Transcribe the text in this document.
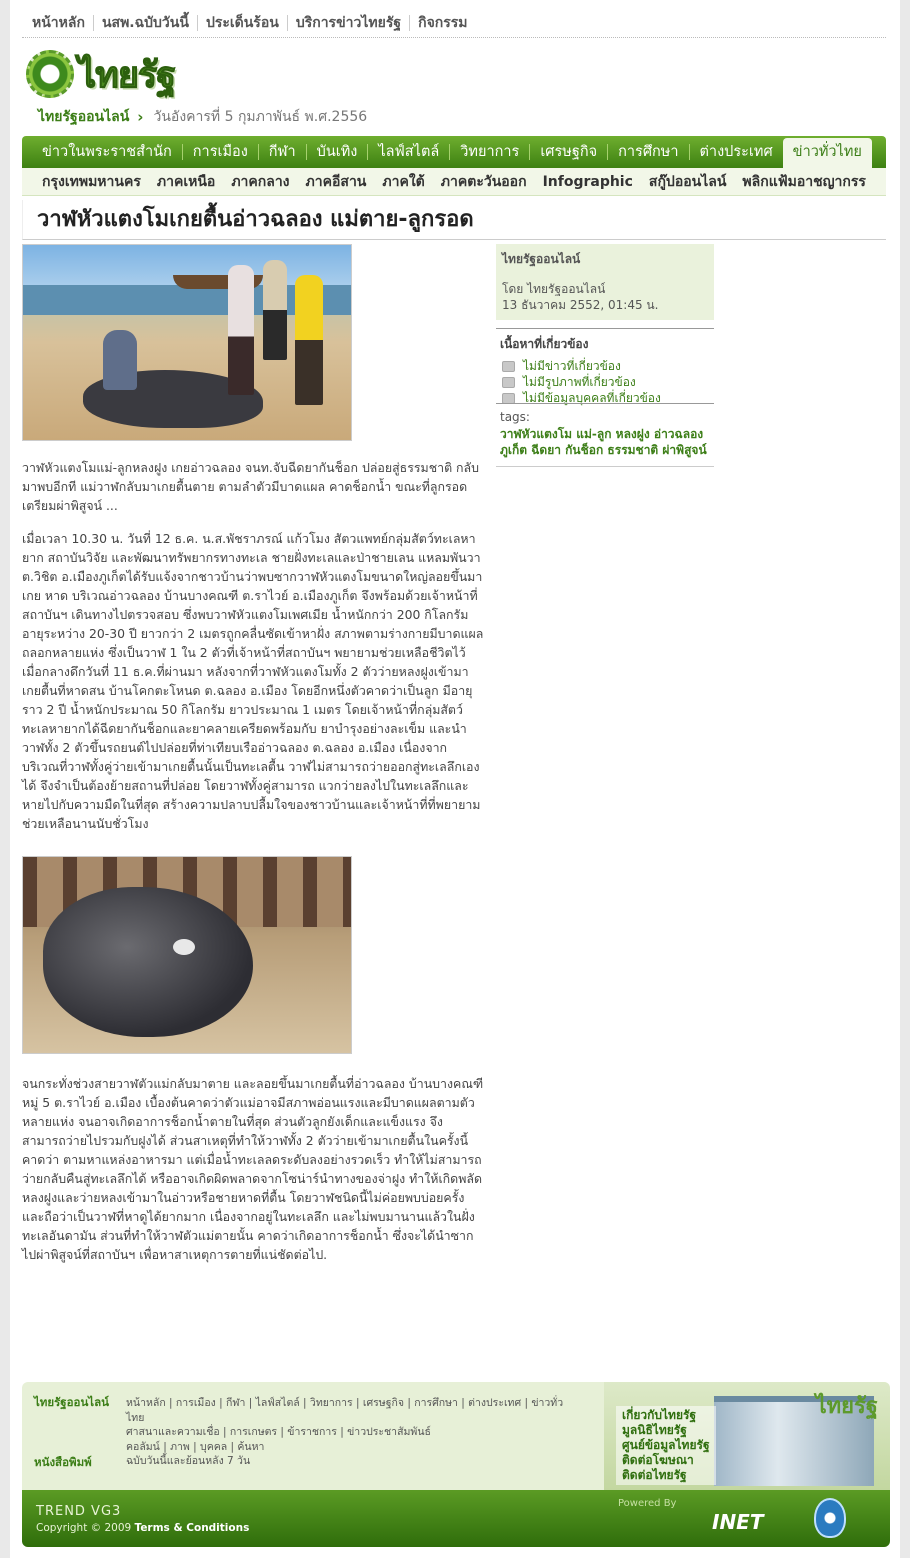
หน้าหลัก	นสพ.ฉบับวันนี้	ประเด็นร้อน	บริการข่าวไทยรัฐ	กิจกรรม
ไทยรัฐ
ไทยรัฐออนไลน์ › วันอังคารที่ 5 กุมภาพันธ์ พ.ศ.2556
ข่าวในพระราชสำนัก	การเมือง	กีฬา	บันเทิง	ไลฟ์สไตล์	วิทยาการ	เศรษฐกิจ	การศึกษา	ต่างประเทศ	ข่าวทั่วไทย
กรุงเทพมหานคร	ภาคเหนือ	ภาคกลาง	ภาคอีสาน	ภาคใต้	ภาคตะวันออก	Infographic	สกู๊ปออนไลน์	พลิกแฟ้มอาชญากรร
วาฬหัวแตงโมเกยตื้นอ่าวฉลอง แม่ตาย-ลูกรอด

วาฬหัวแตงโมแม่-ลูกหลงฝูง เกยอ่าวฉลอง จนท.จับฉีดยากันช็อก ปล่อยสู่ธรรมชาติ กลับมาพบอีกที แม่วาฬกลับมาเกยตื้นตาย ตามลำตัวมีบาดแผล คาดช็อกน้ำ ขณะที่ลูกรอดเตรียมผ่าพิสูจน์ ...

เมื่อเวลา 10.30 น. วันที่ 12 ธ.ค. น.ส.พัชราภรณ์ แก้วโมง สัตวแพทย์กลุ่มสัตว์ทะเลหายาก สถาบันวิจัย และพัฒนาทรัพยากรทางทะเล ชายฝั่งทะเลและป่าชายเลน แหลมพันวา ต.วิชิต อ.เมืองภูเก็ตได้รับแจ้งจากชาวบ้านว่าพบซากวาฬหัวแตงโมขนาดใหญ่ลอยขึ้นมาเกย หาด บริเวณอ่าวฉลอง บ้านบางคณฑี ต.ราไวย์ อ.เมืองภูเก็ต จึงพร้อมด้วยเจ้าหน้าที่สถาบันฯ เดินทางไปตรวจสอบ ซึ่งพบวาฬหัวแตงโมเพศเมีย น้ำหนักกว่า 200 กิโลกรัม อายุระหว่าง 20-30 ปี ยาวกว่า 2 เมตรถูกคลื่นซัดเข้าหาฝั่ง สภาพตามร่างกายมีบาดแผลถลอกหลายแห่ง ซึ่งเป็นวาฬ 1 ใน 2 ตัวที่เจ้าหน้าที่สถาบันฯ พยายามช่วยเหลือชีวิตไว้เมื่อกลางดึกวันที่ 11 ธ.ค.ที่ผ่านมา หลังจากที่วาฬหัวแตงโมทั้ง 2 ตัวว่ายหลงฝูงเข้ามาเกยตื้นที่หาดสน บ้านโคกตะโหนด ต.ฉลอง อ.เมือง โดยอีกหนึ่งตัวคาดว่าเป็นลูก มีอายุราว 2 ปี น้ำหนักประมาณ 50 กิโลกรัม ยาวประมาณ 1 เมตร โดยเจ้าหน้าที่กลุ่มสัตว์ทะเลหายากได้ฉีดยากันช็อกและยาคลายเครียดพร้อมกับ ยาบำรุงอย่างละเข็ม และนำวาฬทั้ง 2 ตัวขึ้นรถยนต์ไปปล่อยที่ท่าเทียบเรืออ่าวฉลอง ต.ฉลอง อ.เมือง เนื่องจากบริเวณที่วาฬทั้งคู่ว่ายเข้ามาเกยตื้นนั้นเป็นทะเลตื้น วาฬไม่สามารถว่ายออกสู่ทะเลลึกเองได้ จึงจำเป็นต้องย้ายสถานที่ปล่อย โดยวาฬทั้งคู่สามารถ แวกว่ายลงไปในทะเลลึกและหายไปกับความมืดในที่สุด สร้างความปลาบปลื้มใจของชาวบ้านและเจ้าหน้าที่ที่พยายามช่วยเหลือนานนับชั่วโมง

จนกระทั่งช่วงสายวาฬตัวแม่กลับมาตาย และลอยขึ้นมาเกยตื้นที่อ่าวฉลอง บ้านบางคณฑี หมู่ 5 ต.ราไวย์ อ.เมือง เบื้องต้นคาดว่าตัวแม่อาจมีสภาพอ่อนแรงและมีบาดแผลตามตัวหลายแห่ง จนอาจเกิดอาการช็อกน้ำตายในที่สุด ส่วนตัวลูกยังเด็กและแข็งแรง จึงสามารถว่ายไปรวมกับฝูงได้ ส่วนสาเหตุที่ทำให้วาฬทั้ง 2 ตัวว่ายเข้ามาเกยตื้นในครั้งนี้คาดว่า ตามหาแหล่งอาหารมา แต่เมื่อน้ำทะเลลดระดับลงอย่างรวดเร็ว ทำให้ไม่สามารถว่ายกลับคืนสู่ทะเลลึกได้ หรืออาจเกิดผิดพลาดจากโซน่าร์นำทางของจ่าฝูง ทำให้เกิดพลัดหลงฝูงและว่ายหลงเข้ามาในอ่าวหรือชายหาดที่ตื้น โดยวาฬชนิดนี้ไม่ค่อยพบบ่อยครั้ง และถือว่าเป็นวาฬที่หาดูได้ยากมาก เนื่องจากอยู่ในทะเลลึก และไม่พบมานานแล้วในฝั่งทะเลอันดามัน ส่วนที่ทำให้วาฬตัวแม่ตายนั้น คาดว่าเกิดอาการช็อกน้ำ ซึ่งจะได้นำซากไปผ่าพิสูจน์ที่สถาบันฯ เพื่อหาสาเหตุการตายที่แน่ชัดต่อไป.

ไทยรัฐออนไลน์
โดย ไทยรัฐออนไลน์
13 ธันวาคม 2552, 01:45 น.
เนื้อหาที่เกี่ยวข้อง
ไม่มีข่าวที่เกี่ยวข้อง
ไม่มีรูปภาพที่เกี่ยวข้อง
ไม่มีข้อมูลบุคคลที่เกี่ยวข้อง
tags:
วาฬหัวแตงโม แม่-ลูก หลงฝูง อ่าวฉลอง ภูเก็ต ฉีดยา กันช็อก ธรรมชาติ ผ่าพิสูจน์
ไทยรัฐออนไลน์ หน้าหลัก | การเมือง | กีฬา | ไลฟ์สไตล์ | วิทยาการ | เศรษฐกิจ | การศึกษา | ต่างประเทศ | ข่าวทั่วไทย
ศาสนาและความเชื่อ | การเกษตร | ข้าราชการ | ข่าวประชาสัมพันธ์
คอลัมน์ | ภาพ | บุคคล | ค้นหา
หนังสือพิมพ์	ฉบับวันนี้และย้อนหลัง 7 วัน
ไทยรัฐ
เกี่ยวกับไทยรัฐ
มูลนิธิไทยรัฐ
ศูนย์ข้อมูลไทยรัฐ
ติดต่อโฆษณา
ติดต่อไทยรัฐ
TREND VG3
Copyright © 2009 Terms & Conditions
Powered By
INET
